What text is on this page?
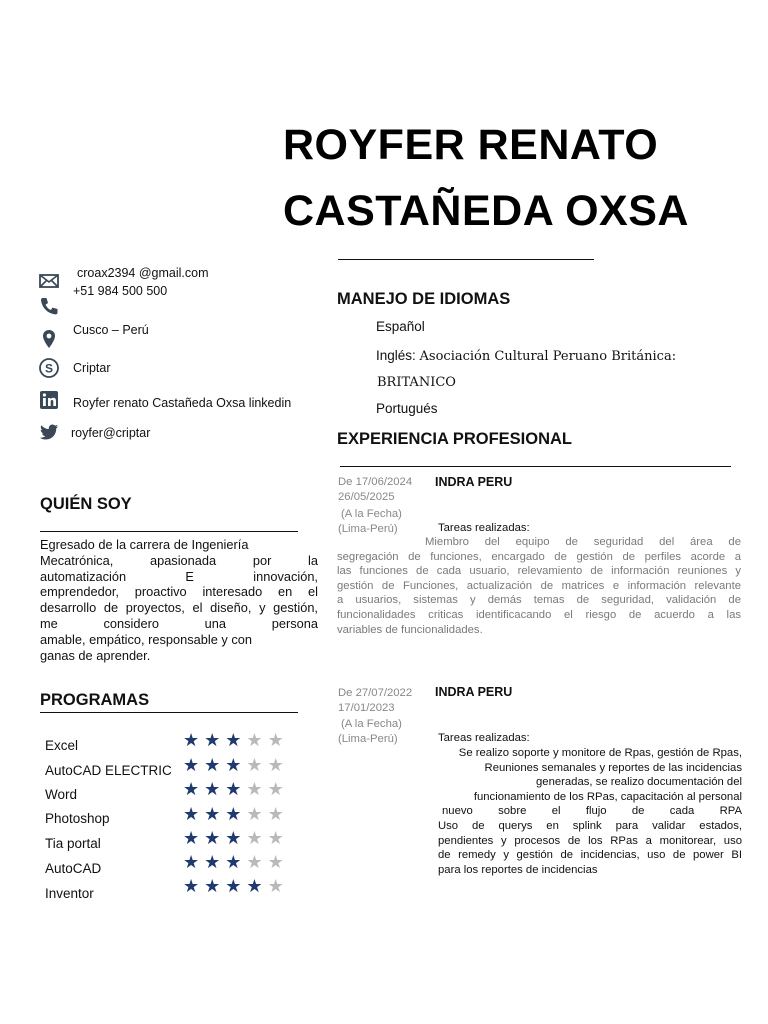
ROYFER RENATO
CASTAÑEDA OXSA
croax2394 @gmail.com
+51 984 500 500
Cusco – Perú
S Criptar
Royfer renato Castañeda Oxsa linkedin
royfer@criptar
QUIÉN SOY
Egresado de la carrera de Ingeniería
Mecatrónica, apasionada por la
automatización E innovación,
emprendedor, proactivo interesado en el
desarrollo de proyectos, el diseño, y gestión,
me considero una persona
amable, empático, responsable y con
ganas de aprender.
PROGRAMAS
Excel	★★★★★
AutoCAD ELECTRIC ★★★★★
Word	★★★★★
Photoshop	★★★★★
Tia portal	★★★★★
AutoCAD	★★★★★
Inventor	★★★★★
MANEJO DE IDIOMAS
Español
Inglés: Asociación Cultural Peruano Británica:
BRITANICO
Portugués
EXPERIENCIA PROFESIONAL
De 17/06/2024
26/05/2025
(A la Fecha)
(Lima-Perú)
INDRA PERU
Tareas realizadas:
Miembro del equipo de seguridad del área de
segregación de funciones, encargado de gestión de perfiles acorde a
las funciones de cada usuario, relevamiento de información reuniones y
gestión de Funciones, actualización de matrices e información relevante
a usuarios, sistemas y demás temas de seguridad, validación de
funcionalidades criticas identificacando el riesgo de acuerdo a las
variables de funcionalidades.
De 27/07/2022
17/01/2023
(A la Fecha)
(Lima-Perú)
INDRA PERU
Tareas realizadas:
Se realizo soporte y monitore de Rpas, gestión de Rpas,
Reuniones semanales y reportes de las incidencias
generadas, se realizo documentación del
funcionamiento de los RPas, capacitación al personal
nuevo sobre el flujo de cada RPA
Uso de querys en splink para validar estados,
pendientes y procesos de los RPas a monitorear, uso
de remedy y gestión de incidencias, uso de power BI
para los reportes de incidencias
